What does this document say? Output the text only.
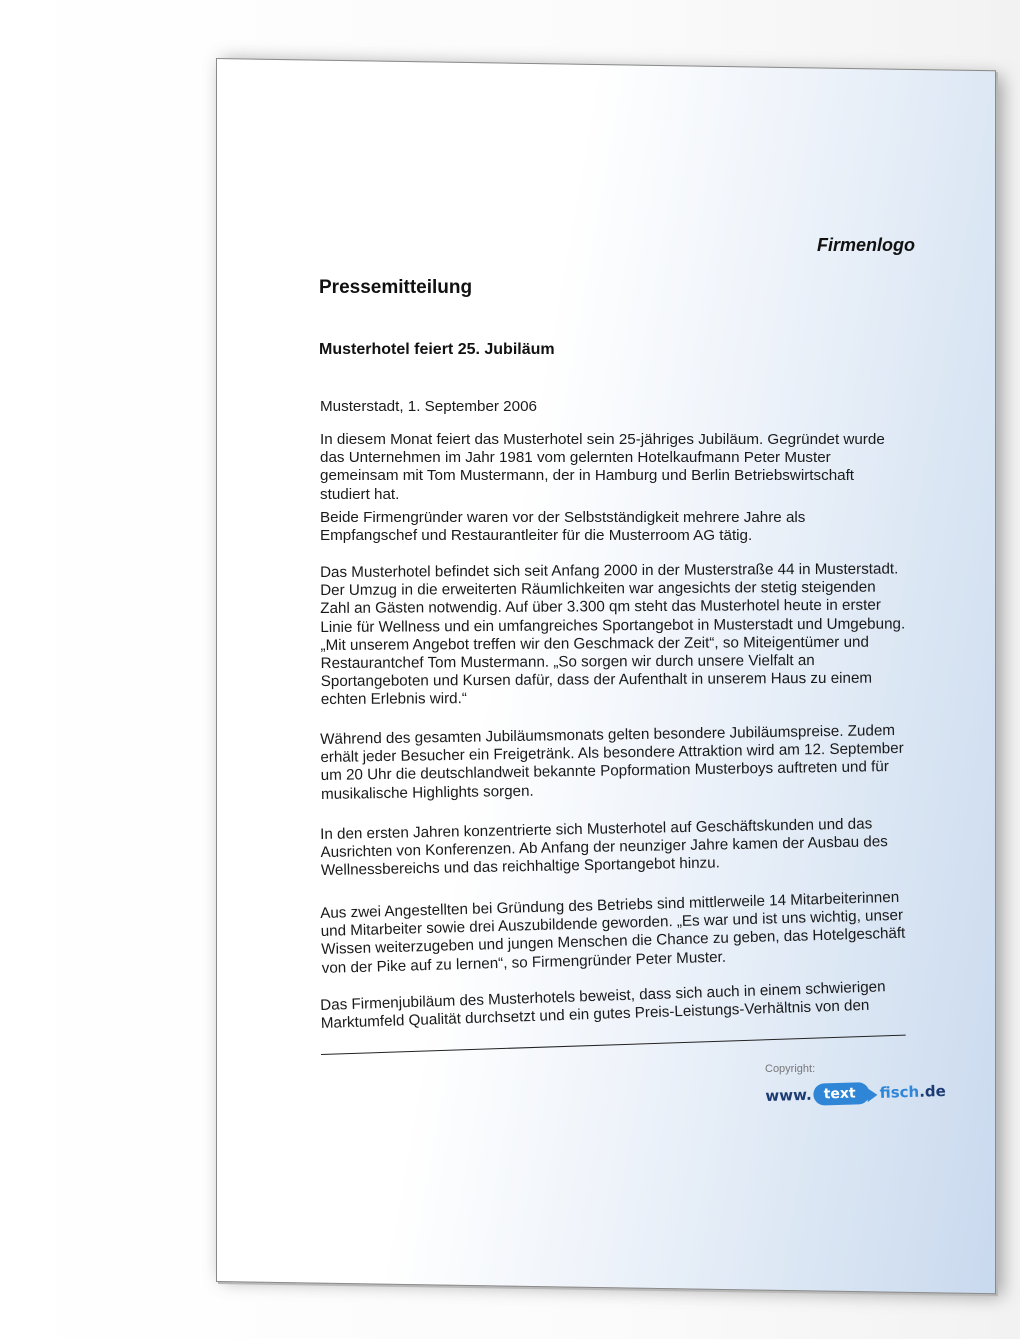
Firmenlogo
Pressemitteilung
Musterhotel feiert 25. Jubiläum

Musterstadt, 1. September 2006

In diesem Monat feiert das Musterhotel sein 25-jähriges Jubiläum. Gegründet wurde das Unternehmen im Jahr 1981 vom gelernten Hotelkaufmann Peter Muster gemeinsam mit Tom Mustermann, der in Hamburg und Berlin Betriebswirtschaft studiert hat.

Beide Firmengründer waren vor der Selbstständigkeit mehrere Jahre als Empfangschef und Restaurantleiter für die Musterroom AG tätig.

Das Musterhotel befindet sich seit Anfang 2000 in der Musterstraße 44 in Musterstadt. Der Umzug in die erweiterten Räumlichkeiten war angesichts der stetig steigenden Zahl an Gästen notwendig. Auf über 3.300 qm steht das Musterhotel heute in erster Linie für Wellness und ein umfangreiches Sportangebot in Musterstadt und Umgebung. „Mit unserem Angebot treffen wir den Geschmack der Zeit“, so Miteigentümer und Restaurantchef Tom Mustermann. „So sorgen wir durch unsere Vielfalt an Sportangeboten und Kursen dafür, dass der Aufenthalt in unserem Haus zu einem echten Erlebnis wird.“

Während des gesamten Jubiläumsmonats gelten besondere Jubiläumspreise. Zudem erhält jeder Besucher ein Freigetränk. Als besondere Attraktion wird am 12. September um 20 Uhr die deutschlandweit bekannte Popformation Musterboys auftreten und für musikalische Highlights sorgen.

In den ersten Jahren konzentrierte sich Musterhotel auf Geschäftskunden und das Ausrichten von Konferenzen. Ab Anfang der neunziger Jahre kamen der Ausbau des Wellnessbereichs und das reichhaltige Sportangebot hinzu.

Aus zwei Angestellten bei Gründung des Betriebs sind mittlerweile 14 Mitarbeiterinnen und Mitarbeiter sowie drei Auszubildende geworden. „Es war und ist uns wichtig, unser Wissen weiterzugeben und jungen Menschen die Chance zu geben, das Hotelgeschäft von der Pike auf zu lernen“, so Firmengründer Peter Muster.

Das Firmenjubiläum des Musterhotels beweist, dass sich auch in einem schwierigen Marktumfeld Qualität durchsetzt und ein gutes Preis-Leistungs-Verhältnis von den

Copyright:
www. text	fisch .de
